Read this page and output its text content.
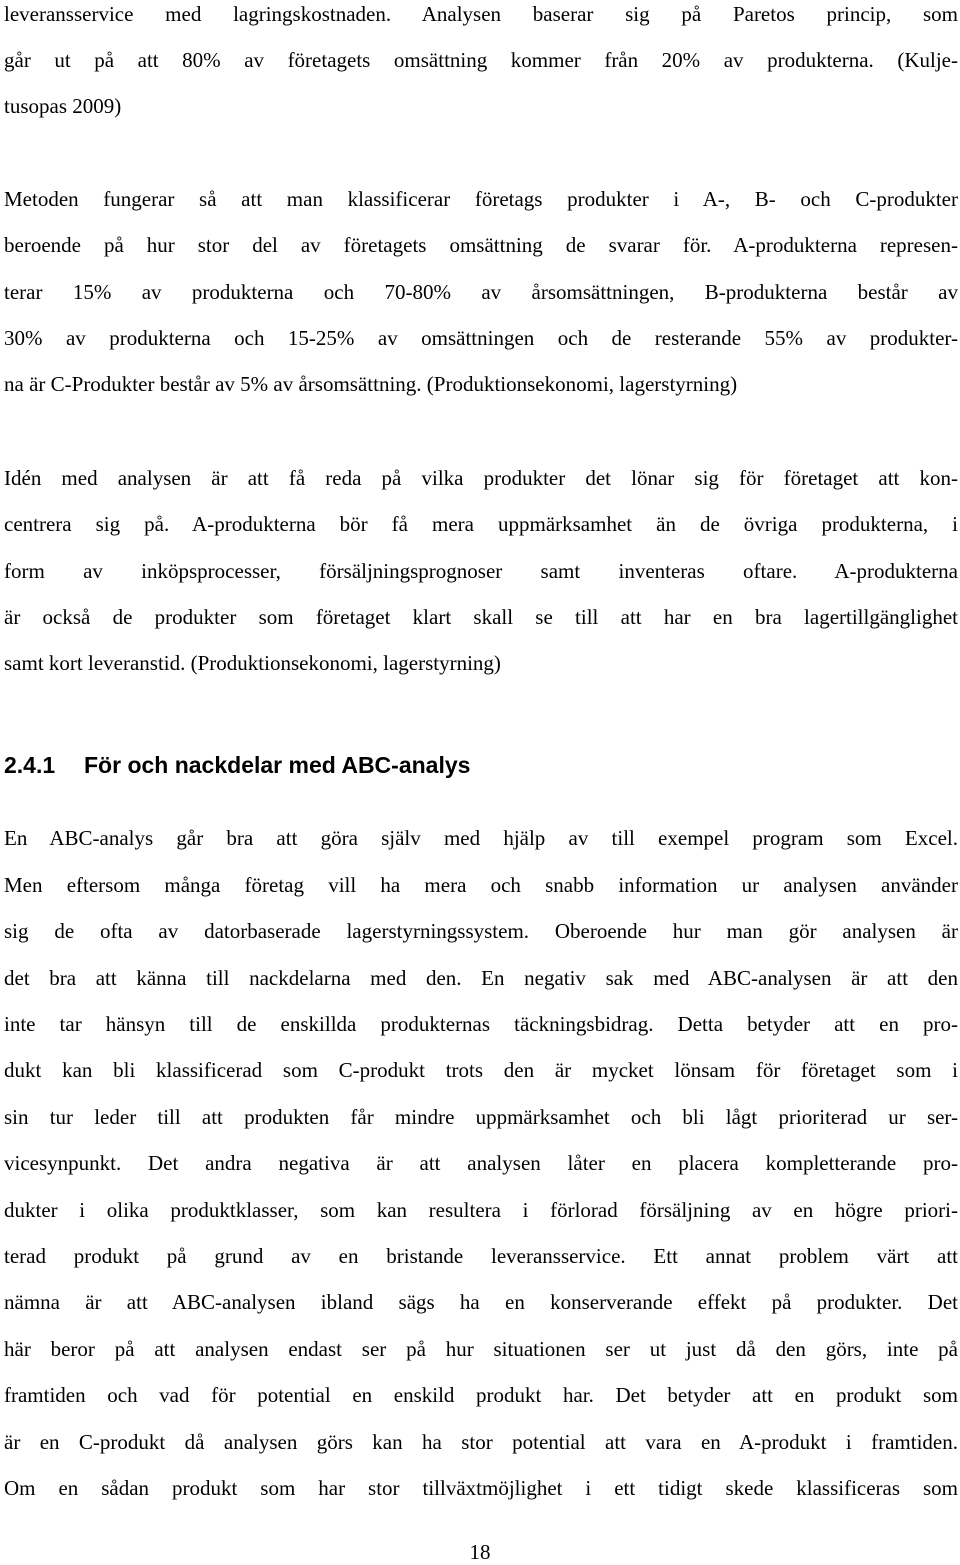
leveransservice med lagringskostnaden. Analysen baserar sig på Paretos princip, som

går ut på att 80% av företagets omsättning kommer från 20% av produkterna. (Kulje-

tusopas 2009)

Metoden fungerar så att man klassificerar företags produkter i A-, B- och C-produkter

beroende på hur stor del av företagets omsättning de svarar för. A-produkterna represen-

terar 15% av produkterna och 70-80% av årsomsättningen, B-produkterna består av

30% av produkterna och 15-25% av omsättningen och de resterande 55% av produkter-

na är C-Produkter består av 5% av årsomsättning. (Produktionsekonomi, lagerstyrning)

Idén med analysen är att få reda på vilka produkter det lönar sig för företaget att kon-

centrera sig på. A-produkterna bör få mera uppmärksamhet än de övriga produkterna, i

form av inköpsprocesser, försäljningsprognoser samt inventeras oftare. A-produkterna

är också de produkter som företaget klart skall se till att har en bra lagertillgänglighet

samt kort leveranstid. (Produktionsekonomi, lagerstyrning)

2.4.1 För och nackdelar med ABC-analys

En ABC-analys går bra att göra själv med hjälp av till exempel program som Excel.

Men eftersom många företag vill ha mera och snabb information ur analysen använder

sig de ofta av datorbaserade lagerstyrningssystem. Oberoende hur man gör analysen är

det bra att känna till nackdelarna med den. En negativ sak med ABC-analysen är att den

inte tar hänsyn till de enskillda produkternas täckningsbidrag. Detta betyder att en pro-

dukt kan bli klassificerad som C-produkt trots den är mycket lönsam för företaget som i

sin tur leder till att produkten får mindre uppmärksamhet och bli lågt prioriterad ur ser-

vicesynpunkt. Det andra negativa är att analysen låter en placera kompletterande pro-

dukter i olika produktklasser, som kan resultera i förlorad försäljning av en högre priori-

terad produkt på grund av en bristande leveransservice. Ett annat problem värt att

nämna är att ABC-analysen ibland sägs ha en konserverande effekt på produkter. Det

här beror på att analysen endast ser på hur situationen ser ut just då den görs, inte på

framtiden och vad för potential en enskild produkt har. Det betyder att en produkt som

är en C-produkt då analysen görs kan ha stor potential att vara en A-produkt i framtiden.

Om en sådan produkt som har stor tillväxtmöjlighet i ett tidigt skede klassificeras som

18
